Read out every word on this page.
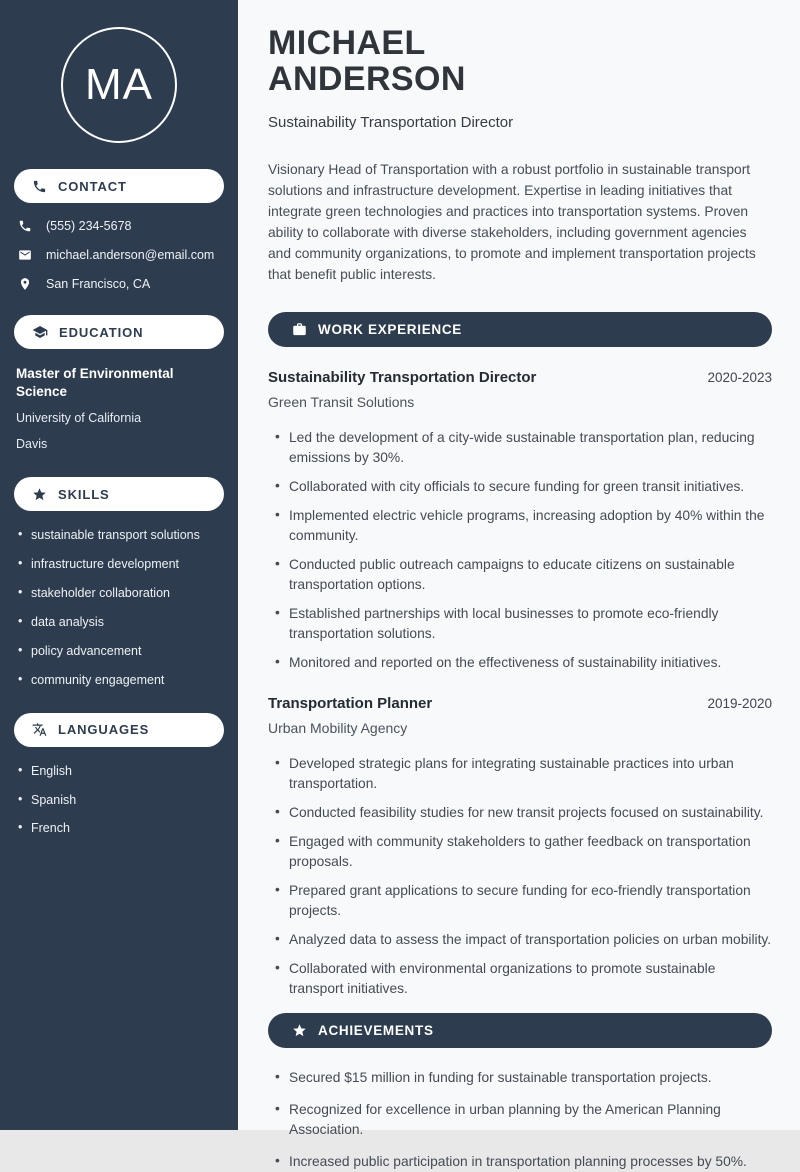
MA
CONTACT
(555) 234-5678
michael.anderson@email.com
San Francisco, CA
EDUCATION
Master of Environmental Science
University of California
Davis
SKILLS
• sustainable transport solutions
• infrastructure development
• stakeholder collaboration
• data analysis
• policy advancement
• community engagement
LANGUAGES
• English
• Spanish
• French
MICHAEL
ANDERSON
Sustainability Transportation Director

Visionary Head of Transportation with a robust portfolio in sustainable transport solutions and infrastructure development. Expertise in leading initiatives that integrate green technologies and practices into transportation systems. Proven ability to collaborate with diverse stakeholders, including government agencies and community organizations, to promote and implement transportation projects that benefit public interests.

WORK EXPERIENCE
Sustainability Transportation Director	2020-2023
Green Transit Solutions
• Led the development of a city-wide sustainable transportation plan, reducing emissions by 30%.
• Collaborated with city officials to secure funding for green transit initiatives.
• Implemented electric vehicle programs, increasing adoption by 40% within the community.
• Conducted public outreach campaigns to educate citizens on sustainable transportation options.
• Established partnerships with local businesses to promote eco-friendly transportation solutions.
• Monitored and reported on the effectiveness of sustainability initiatives.
Transportation Planner	2019-2020
Urban Mobility Agency
• Developed strategic plans for integrating sustainable practices into urban transportation.
• Conducted feasibility studies for new transit projects focused on sustainability.
• Engaged with community stakeholders to gather feedback on transportation proposals.
• Prepared grant applications to secure funding for eco-friendly transportation projects.
• Analyzed data to assess the impact of transportation policies on urban mobility.
• Collaborated with environmental organizations to promote sustainable transport initiatives.
ACHIEVEMENTS
• Secured $15 million in funding for sustainable transportation projects.
• Recognized for excellence in urban planning by the American Planning Association.
• Increased public participation in transportation planning processes by 50%.
